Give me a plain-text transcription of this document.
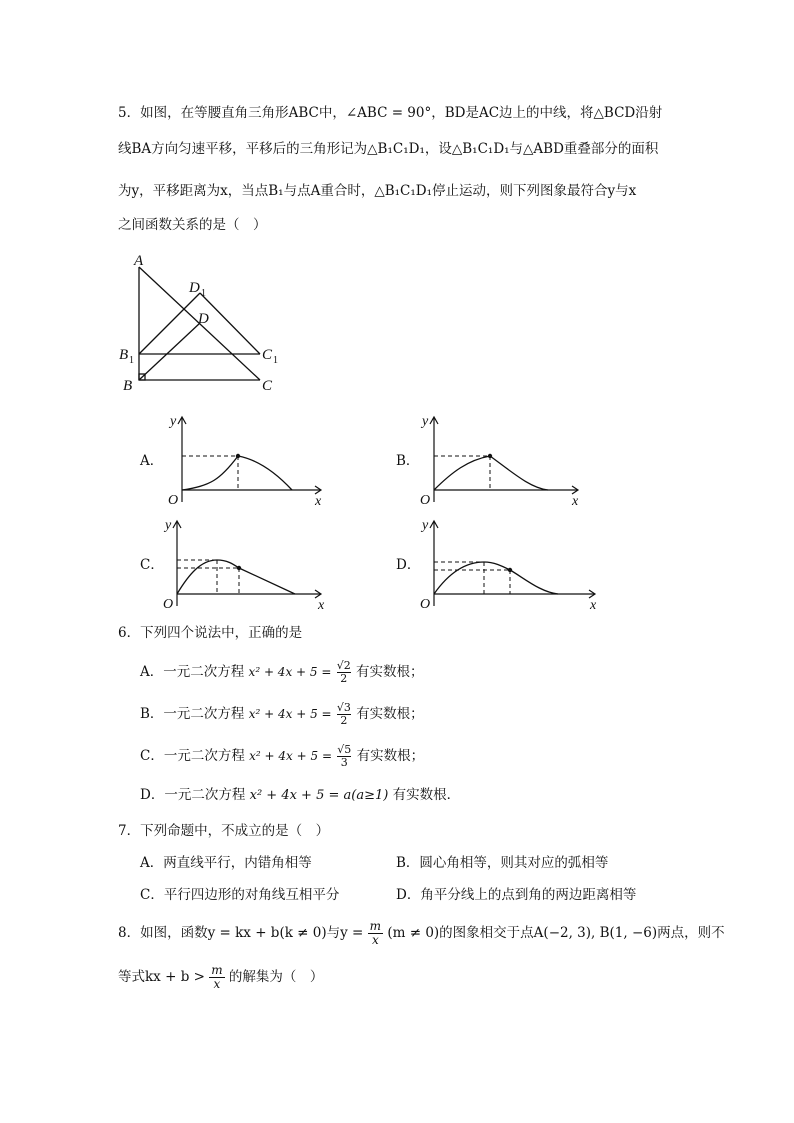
5．如图，在等腰直角三角形ABC中，∠ABC = 90°，BD是AC边上的中线，将△BCD沿射
线BA方向匀速平移，平移后的三角形记为△B₁C₁D₁，设△B₁C₁D₁与△ABD重叠部分的面积
为y，平移距离为x，当点B₁与点A重合时，△B₁C₁D₁停止运动，则下列图象最符合y与x
之间函数关系的是（　）
A
D 1
D
B 1	C 1
B	C
A．
y
x
O
B．
y
x
O
C．
y
x
O
D．
y
x
O
6．下列四个说法中，正确的是
A．一元二次方程 $x^2 + 4x + 5 = \frac{√2}{2}$ 有实数根；
B．一元二次方程 $x^2 + 4x + 5 = \frac{√3}{2}$ 有实数根；
C．一元二次方程 $x^2 + 4x + 5 = \frac{√5}{3}$ 有实数根；
D．一元二次方程 x² + 4x + 5 = a(a≥1) 有实数根．
7．下列命题中，不成立的是（　）
A．两直线平行，内错角相等	B．圆心角相等，则其对应的弧相等
C．平行四边形的对角线互相平分	D．角平分线上的点到角的两边距离相等
8．如图，函数y = kx + b(k ≠ 0)与$y = \frac{m}{x} (m \ne 0)$的图象相交于点A(−2, 3), B(1, −6)两点，则不
等式kx + $b > \frac{m}{x}$ 的解集为（　）
